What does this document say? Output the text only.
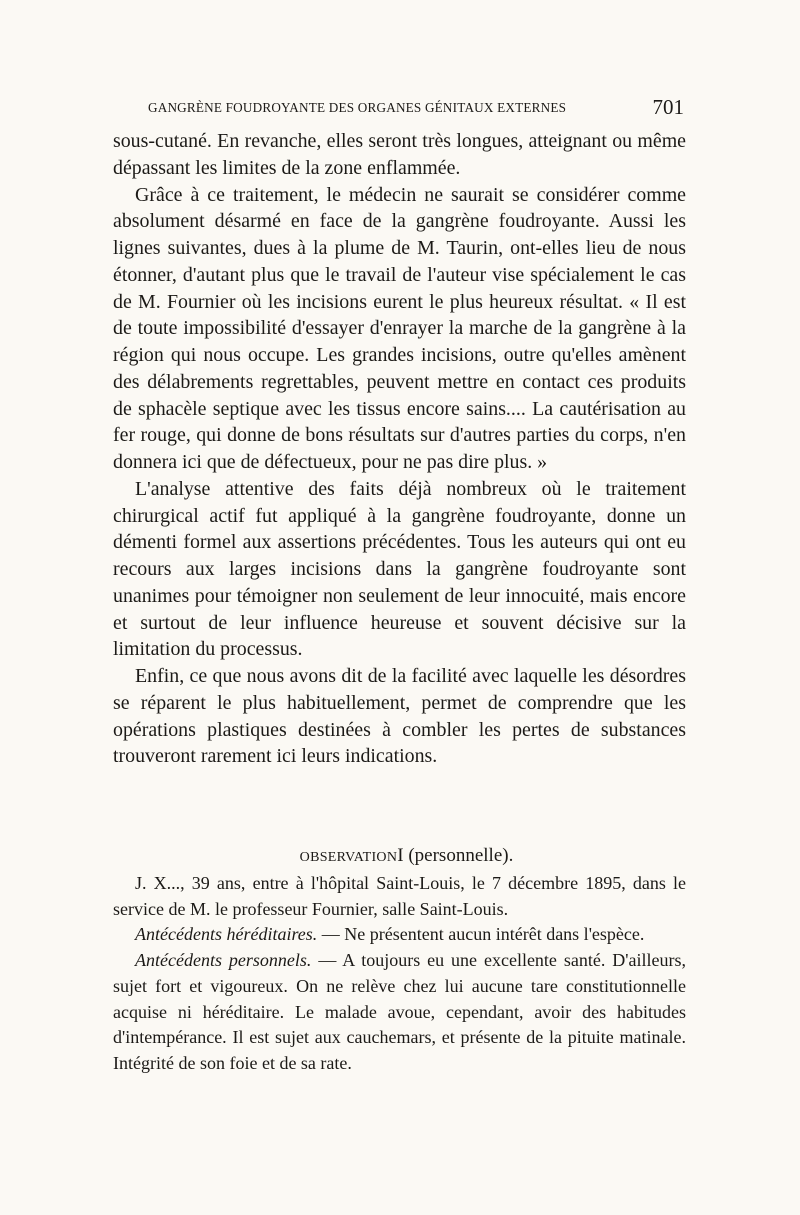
GANGRÈNE FOUDROYANTE DES ORGANES GÉNITAUX EXTERNES	701

sous-cutané. En revanche, elles seront très longues, atteignant ou même dépassant les limites de la zone enflammée.

Grâce à ce traitement, le médecin ne saurait se considérer comme absolument désarmé en face de la gangrène foudroyante. Aussi les lignes suivantes, dues à la plume de M. Taurin, ont-elles lieu de nous étonner, d'autant plus que le travail de l'auteur vise spécialement le cas de M. Fournier où les incisions eurent le plus heureux résultat. « Il est de toute impossibilité d'essayer d'enrayer la marche de la gangrène à la région qui nous occupe. Les grandes incisions, outre qu'elles amènent des délabrements regrettables, peuvent mettre en contact ces produits de sphacèle septique avec les tissus encore sains.... La cautérisation au fer rouge, qui donne de bons résultats sur d'autres parties du corps, n'en donnera ici que de défectueux, pour ne pas dire plus. »

L'analyse attentive des faits déjà nombreux où le traitement chirurgical actif fut appliqué à la gangrène foudroyante, donne un démenti formel aux assertions précédentes. Tous les auteurs qui ont eu recours aux larges incisions dans la gangrène foudroyante sont unanimes pour témoigner non seulement de leur innocuité, mais encore et surtout de leur influence heureuse et souvent décisive sur la limitation du processus.

Enfin, ce que nous avons dit de la facilité avec laquelle les désordres se réparent le plus habituellement, permet de comprendre que les opérations plastiques destinées à combler les pertes de substances trouveront rarement ici leurs indications.

OBSERVATIONI (personnelle).

J. X..., 39 ans, entre à l'hôpital Saint-Louis, le 7 décembre 1895, dans le service de M. le professeur Fournier, salle Saint-Louis.

Antécédents héréditaires. — Ne présentent aucun intérêt dans l'espèce.

Antécédents personnels. — A toujours eu une excellente santé. D'ailleurs, sujet fort et vigoureux. On ne relève chez lui aucune tare constitutionnelle acquise ni héréditaire. Le malade avoue, cependant, avoir des habitudes d'intempérance. Il est sujet aux cauchemars, et présente de la pituite matinale. Intégrité de son foie et de sa rate.
